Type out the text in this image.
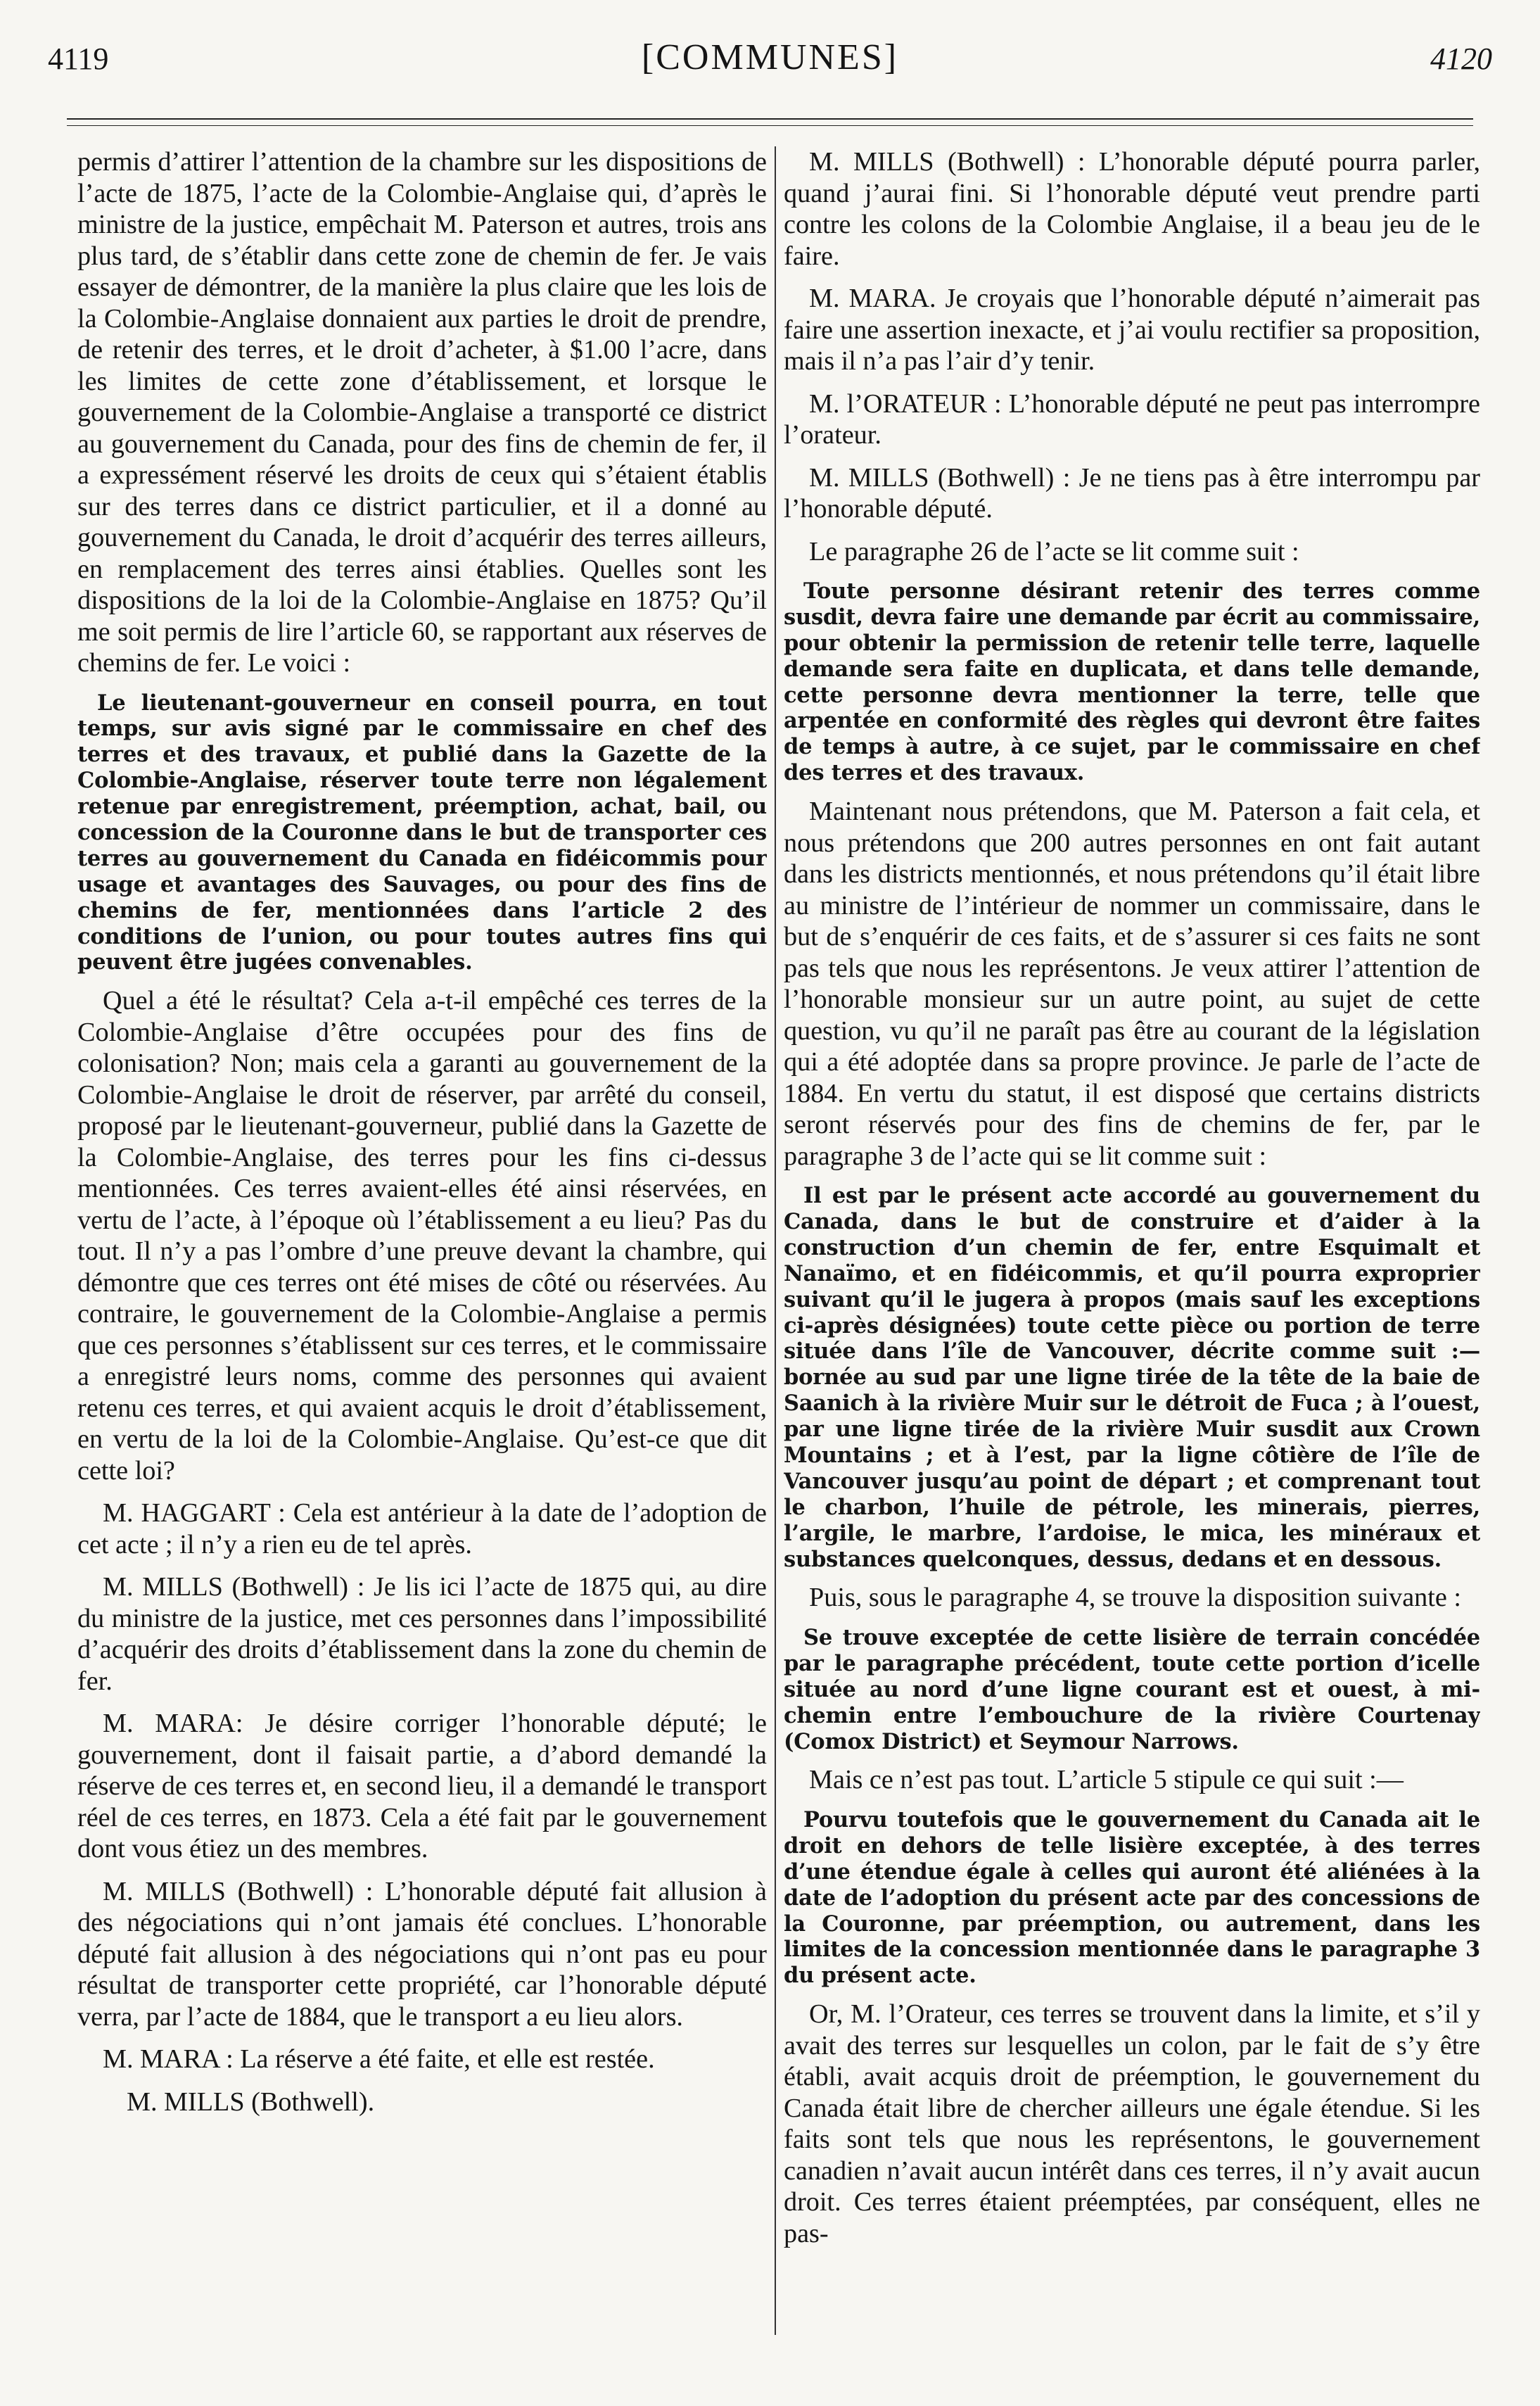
4119	[COMMUNES]	4120

permis d’attirer l’attention de la chambre sur les dispositions de l’acte de 1875, l’acte de la Colombie-Anglaise qui, d’après le ministre de la justice, empêchait M. Paterson et autres, trois ans plus tard, de s’établir dans cette zone de chemin de fer. Je vais essayer de démontrer, de la manière la plus claire que les lois de la Colombie-Anglaise donnaient aux parties le droit de prendre, de retenir des terres, et le droit d’acheter, à $1.00 l’acre, dans les limites de cette zone d’établissement, et lorsque le gouvernement de la Colombie-Anglaise a transporté ce district au gouvernement du Canada, pour des fins de chemin de fer, il a expressément réservé les droits de ceux qui s’étaient établis sur des terres dans ce district particulier, et il a donné au gouvernement du Canada, le droit d’acquérir des terres ailleurs, en remplacement des terres ainsi établies. Quelles sont les dispositions de la loi de la Colombie-Anglaise en 1875? Qu’il me soit permis de lire l’article 60, se rapportant aux réserves de chemins de fer. Le voici :

Le lieutenant-gouverneur en conseil pourra, en tout temps, sur avis signé par le commissaire en chef des terres et des travaux, et publié dans la Gazette de la Colombie-Anglaise, réserver toute terre non légalement retenue par enregistrement, préemption, achat, bail, ou concession de la Couronne dans le but de transporter ces terres au gouvernement du Canada en fidéicommis pour usage et avantages des Sauvages, ou pour des fins de chemins de fer, mentionnées dans l’article 2 des conditions de l’union, ou pour toutes autres fins qui peuvent être jugées convenables.

Quel a été le résultat? Cela a-t-il empêché ces terres de la Colombie-Anglaise d’être occupées pour des fins de colonisation? Non; mais cela a garanti au gouvernement de la Colombie-Anglaise le droit de réserver, par arrêté du conseil, proposé par le lieutenant-gouverneur, publié dans la Gazette de la Colombie-Anglaise, des terres pour les fins ci-dessus mentionnées. Ces terres avaient-elles été ainsi réservées, en vertu de l’acte, à l’époque où l’établissement a eu lieu? Pas du tout. Il n’y a pas l’ombre d’une preuve devant la chambre, qui démontre que ces terres ont été mises de côté ou réservées. Au contraire, le gouvernement de la Colombie-Anglaise a permis que ces personnes s’établissent sur ces terres, et le commissaire a enregistré leurs noms, comme des personnes qui avaient retenu ces terres, et qui avaient acquis le droit d’établissement, en vertu de la loi de la Colombie-Anglaise. Qu’est-ce que dit cette loi?

M. HAGGART : Cela est antérieur à la date de l’adoption de cet acte ; il n’y a rien eu de tel après.

M. MILLS (Bothwell) : Je lis ici l’acte de 1875 qui, au dire du ministre de la justice, met ces personnes dans l’impossibilité d’acquérir des droits d’établissement dans la zone du chemin de fer.

M. MARA: Je désire corriger l’honorable député; le gouvernement, dont il faisait partie, a d’abord demandé la réserve de ces terres et, en second lieu, il a demandé le transport réel de ces terres, en 1873. Cela a été fait par le gouvernement dont vous étiez un des membres.

M. MILLS (Bothwell) : L’honorable député fait allusion à des négociations qui n’ont jamais été conclues. L’honorable député fait allusion à des négociations qui n’ont pas eu pour résultat de transporter cette propriété, car l’honorable député verra, par l’acte de 1884, que le transport a eu lieu alors.

M. MARA : La réserve a été faite, et elle est restée.

M. MILLS (Bothwell).

M. MILLS (Bothwell) : L’honorable député pourra parler, quand j’aurai fini. Si l’honorable député veut prendre parti contre les colons de la Colombie Anglaise, il a beau jeu de le faire.

M. MARA. Je croyais que l’honorable député n’aimerait pas faire une assertion inexacte, et j’ai voulu rectifier sa proposition, mais il n’a pas l’air d’y tenir.

M. l’ORATEUR : L’honorable député ne peut pas interrompre l’orateur.

M. MILLS (Bothwell) : Je ne tiens pas à être interrompu par l’honorable député.

Le paragraphe 26 de l’acte se lit comme suit :

Toute personne désirant retenir des terres comme susdit, devra faire une demande par écrit au commissaire, pour obtenir la permission de retenir telle terre, laquelle demande sera faite en duplicata, et dans telle demande, cette personne devra mentionner la terre, telle que arpentée en conformité des règles qui devront être faites de temps à autre, à ce sujet, par le commissaire en chef des terres et des travaux.

Maintenant nous prétendons, que M. Paterson a fait cela, et nous prétendons que 200 autres personnes en ont fait autant dans les districts mentionnés, et nous prétendons qu’il était libre au ministre de l’intérieur de nommer un commissaire, dans le but de s’enquérir de ces faits, et de s’assurer si ces faits ne sont pas tels que nous les représentons. Je veux attirer l’attention de l’honorable monsieur sur un autre point, au sujet de cette question, vu qu’il ne paraît pas être au courant de la législation qui a été adoptée dans sa propre province. Je parle de l’acte de 1884. En vertu du statut, il est disposé que certains districts seront réservés pour des fins de chemins de fer, par le paragraphe 3 de l’acte qui se lit comme suit :

Il est par le présent acte accordé au gouvernement du Canada, dans le but de construire et d’aider à la construction d’un chemin de fer, entre Esquimalt et Nanaïmo, et en fidéicommis, et qu’il pourra exproprier suivant qu’il le jugera à propos (mais sauf les exceptions ci-après désignées) toute cette pièce ou portion de terre située dans l’île de Vancouver, décrite comme suit :—bornée au sud par une ligne tirée de la tête de la baie de Saanich à la rivière Muir sur le détroit de Fuca ; à l’ouest, par une ligne tirée de la rivière Muir susdit aux Crown Mountains ; et à l’est, par la ligne côtière de l’île de Vancouver jusqu’au point de départ ; et comprenant tout le charbon, l’huile de pétrole, les minerais, pierres, l’argile, le marbre, l’ardoise, le mica, les minéraux et substances quelconques, dessus, dedans et en dessous.

Puis, sous le paragraphe 4, se trouve la disposition suivante :

Se trouve exceptée de cette lisière de terrain concédée par le paragraphe précédent, toute cette portion d’icelle située au nord d’une ligne courant est et ouest, à mi-chemin entre l’embouchure de la rivière Courtenay (Comox District) et Seymour Narrows.

Mais ce n’est pas tout. L’article 5 stipule ce qui suit :—

Pourvu toutefois que le gouvernement du Canada ait le droit en dehors de telle lisière exceptée, à des terres d’une étendue égale à celles qui auront été aliénées à la date de l’adoption du présent acte par des concessions de la Couronne, par préemption, ou autrement, dans les limites de la concession mentionnée dans le paragraphe 3 du présent acte.

Or, M. l’Orateur, ces terres se trouvent dans la limite, et s’il y avait des terres sur lesquelles un colon, par le fait de s’y être établi, avait acquis droit de préemption, le gouvernement du Canada était libre de chercher ailleurs une égale étendue. Si les faits sont tels que nous les représentons, le gouvernement canadien n’avait aucun intérêt dans ces terres, il n’y avait aucun droit. Ces terres étaient préemptées, par conséquent, elles ne pas-
